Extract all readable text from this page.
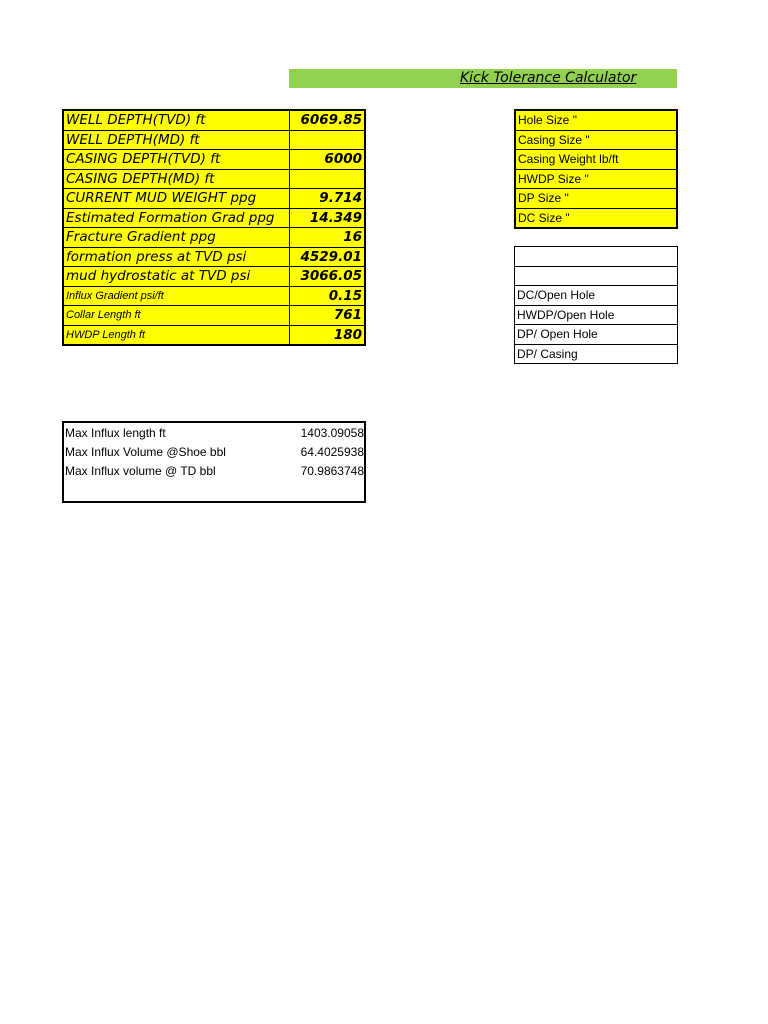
Kick Tolerance Calculator
WELL DEPTH(TVD) ft	6069.85
WELL DEPTH(MD) ft	
CASING DEPTH(TVD) ft	6000
CASING DEPTH(MD) ft	
CURRENT MUD WEIGHT ppg	9.714
Estimated Formation Grad ppg	14.349
Fracture Gradient ppg	16
formation press at TVD psi	4529.01
mud hydrostatic at TVD psi	3066.05
Influx Gradient psi/ft	0.15
Collar Length ft	761
HWDP Length ft	180
Hole Size "
Casing Size "
Casing Weight lb/ft
HWDP Size "
DP Size "
DC Size "

DC/Open Hole
HWDP/Open Hole
DP/ Open Hole
DP/ Casing
Max Influx length ft	1403.09058
Max Influx Volume @Shoe bbl	64.4025938
Max Influx volume @ TD bbl	70.9863748
